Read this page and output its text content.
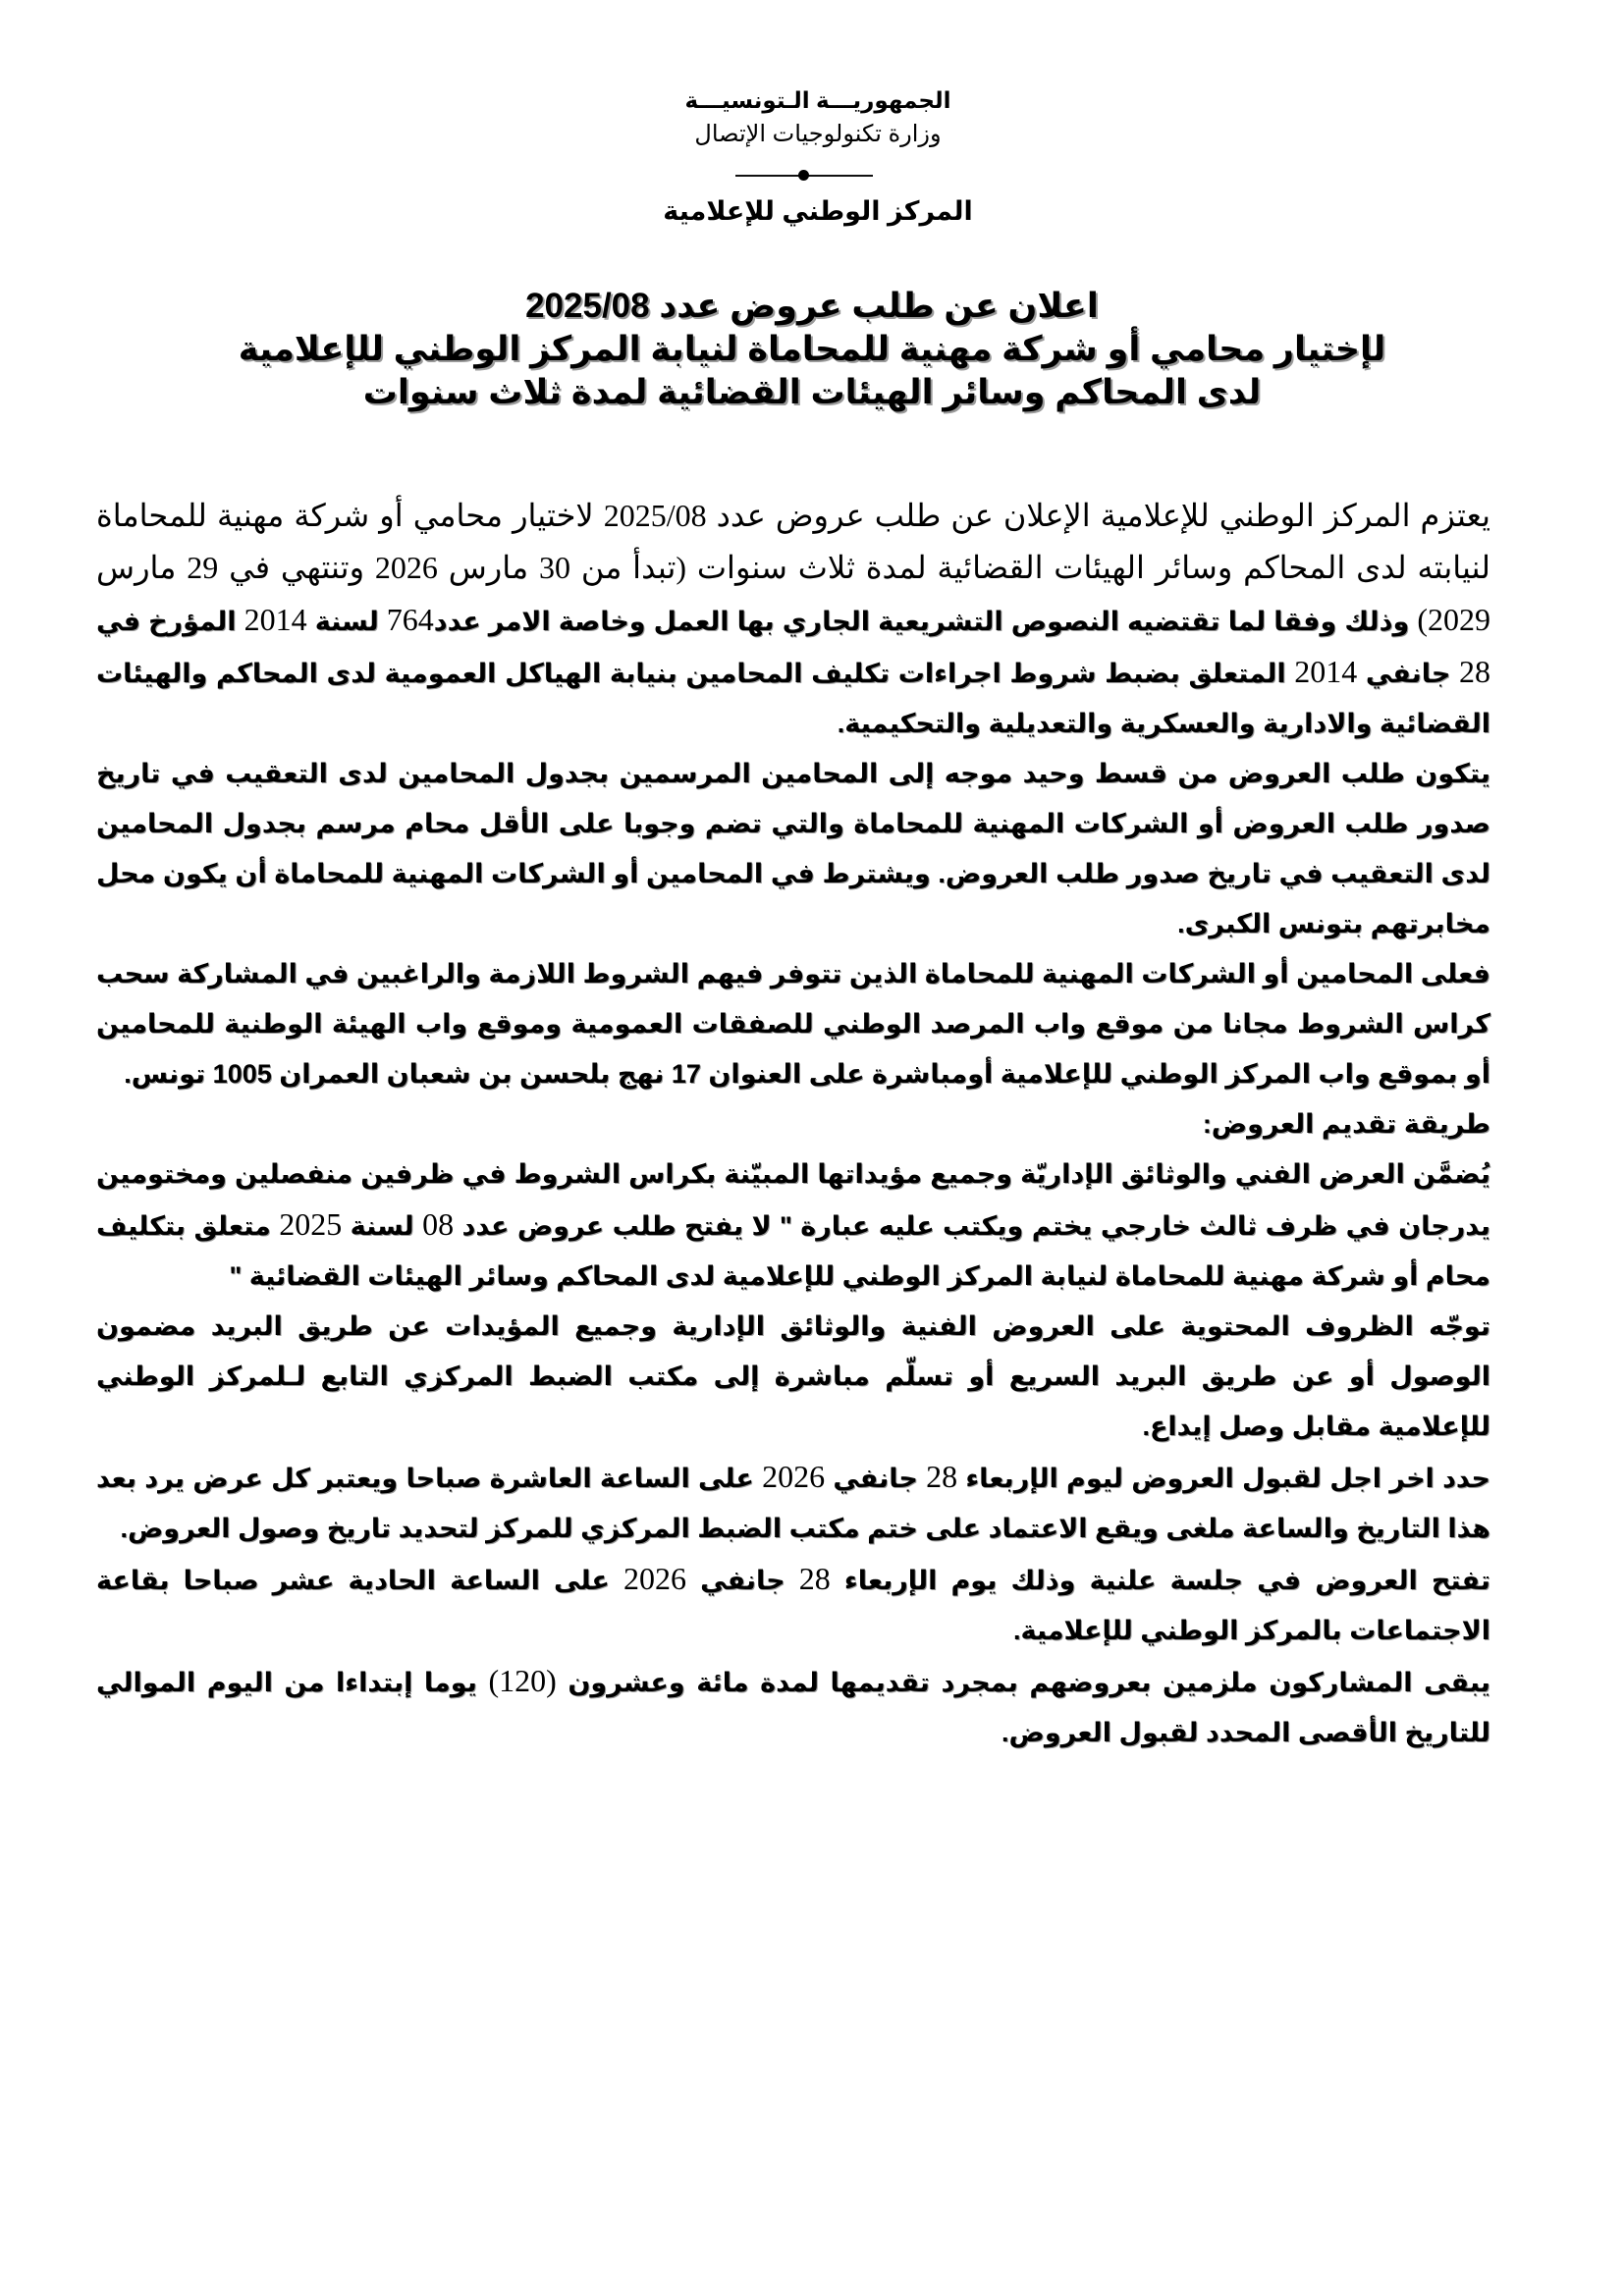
الجمهوريـــة الـتونسيـــة
وزارة تكنولوجيات الإتصال
المركز الوطني للإعلامية
اعلان عن طلب عروض عدد 2025/08
لإختيار محامي أو شركة مهنية للمحاماة لنيابة المركز الوطني للإعلامية
لدى المحاكم وسائر الهيئات القضائية لمدة ثلاث سنوات

يعتزم المركز الوطني للإعلامية الإعلان عن طلب عروض عدد 2025/08 لاختيار محامي أو شركة مهنية للمحاماة لنيابته لدى المحاكم وسائر الهيئات القضائية لمدة ثلاث سنوات (تبدأ من 30 مارس 2026 وتنتهي في 29 مارس 2029) وذلك وفقا لما تقتضيه النصوص التشريعية الجاري بها العمل وخاصة الامر عدد764 لسنة 2014 المؤرخ في 28 جانفي 2014 المتعلق بضبط شروط اجراءات تكليف المحامين بنيابة الهياكل العمومية لدى المحاكم والهيئات القضائية والادارية والعسكرية والتعديلية والتحكيمية.

يتكون طلب العروض من قسط وحيد موجه إلى المحامين المرسمين بجدول المحامين لدى التعقيب في تاريخ صدور طلب العروض أو الشركات المهنية للمحاماة والتي تضم وجوبا على الأقل محام مرسم بجدول المحامين لدى التعقيب في تاريخ صدور طلب العروض. ويشترط في المحامين أو الشركات المهنية للمحاماة أن يكون محل مخابرتهم بتونس الكبرى.

فعلى المحامين أو الشركات المهنية للمحاماة الذين تتوفر فيهم الشروط اللازمة والراغبين في المشاركة سحب كراس الشروط مجانا من موقع واب المرصد الوطني للصفقات العمومية وموقع واب الهيئة الوطنية للمحامين أو بموقع واب المركز الوطني للإعلامية أومباشرة على العنوان 17 نهج بلحسن بن شعبان العمران 1005 تونس.

طريقة تقديم العروض:

يُضمَّن العرض الفني والوثائق الإداريّة وجميع مؤيداتها المبيّنة بكراس الشروط في ظرفين منفصلين ومختومين يدرجان في ظرف ثالث خارجي يختم ويكتب عليه عبارة " لا يفتح طلب عروض عدد 08 لسنة 2025 متعلق بتكليف محام أو شركة مهنية للمحاماة لنيابة المركز الوطني للإعلامية لدى المحاكم وسائر الهيئات القضائية "

توجّه الظروف المحتوية على العروض الفنية والوثائق الإدارية وجميع المؤيدات عن طريق البريد مضمون الوصول أو عن طريق البريد السريع أو تسلّم مباشرة إلى مكتب الضبط المركزي التابع لـلمركز الوطني للإعلامية مقابل وصل إيداع.

حدد اخر اجل لقبول العروض ليوم الإربعاء 28 جانفي 2026 على الساعة العاشرة صباحا ويعتبر كل عرض يرد بعد هذا التاريخ والساعة ملغى ويقع الاعتماد على ختم مكتب الضبط المركزي للمركز لتحديد تاريخ وصول العروض.

تفتح العروض في جلسة علنية وذلك يوم الإربعاء 28 جانفي 2026 على الساعة الحادية عشر صباحا بقاعة الاجتماعات بالمركز الوطني للإعلامية.

يبقى المشاركون ملزمين بعروضهم بمجرد تقديمها لمدة مائة وعشرون (120) يوما إبتداءا من اليوم الموالي للتاريخ الأقصى المحدد لقبول العروض.
